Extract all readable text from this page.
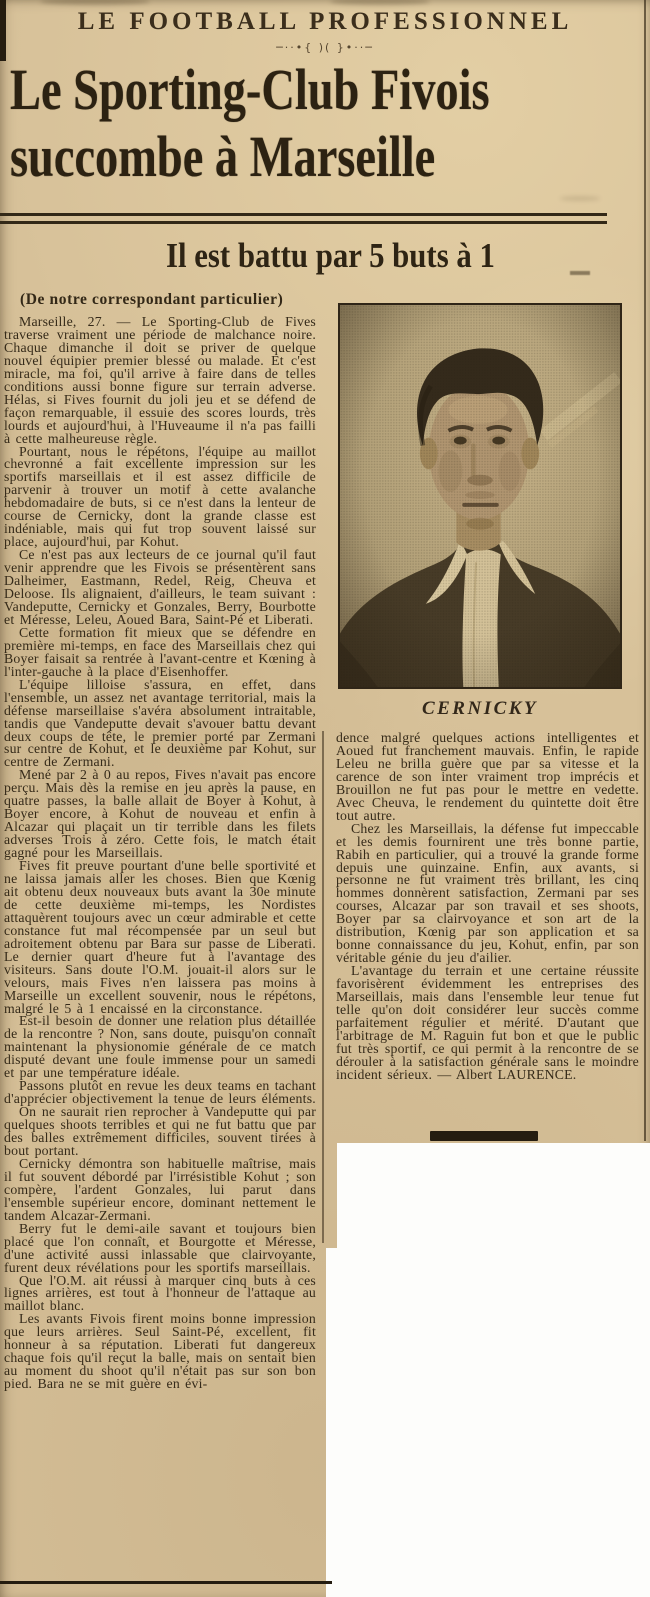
LE FOOTBALL PROFESSIONNEL
─··•{ )( }•··─
Le Sporting-Club Fivois
succombe à Marseille
Il est battu par 5 buts à 1
(De notre correspondant particulier)
CERNICKY

Marseille, 27. — Le Sporting-Club de Fives traverse vraiment une période de malchance noire. Chaque dimanche il doit se priver de quelque nouvel équipier premier blessé ou malade. Et c'est miracle, ma foi, qu'il arrive à faire dans de telles conditions aussi bonne figure sur terrain adverse. Hélas, si Fives fournit du joli jeu et se défend de façon remarquable, il essuie des scores lourds, très lourds et aujourd'hui, à l'Huveaume il n'a pas failli à cette malheureuse règle.

Pourtant, nous le répétons, l'équipe au maillot chevronné a fait excellente impression sur les sportifs marseillais et il est assez difficile de parvenir à trouver un motif à cette avalanche hebdomadaire de buts, si ce n'est dans la lenteur de course de Cernicky, dont la grande classe est indéniable, mais qui fut trop souvent laissé sur place, aujourd'hui, par Kohut.

Ce n'est pas aux lecteurs de ce journal qu'il faut venir apprendre que les Fivois se présentèrent sans Dalheimer, Eastmann, Redel, Reig, Cheuva et Deloose. Ils alignaient, d'ailleurs, le team suivant : Vandeputte, Cernicky et Gonzales, Berry, Bourbotte et Méresse, Leleu, Aoued Bara, Saint-Pé et Liberati.

Cette formation fit mieux que se défendre en première mi-temps, en face des Marseillais chez qui Boyer faisait sa rentrée à l'avant-centre et Kœning à l'inter-gauche à la place d'Eisenhoffer.

L'équipe lilloise s'assura, en effet, dans l'ensemble, un assez net avantage territorial, mais la défense marseillaise s'avéra absolument intraitable, tandis que Vandeputte devait s'avouer battu devant deux coups de tête, le premier porté par Zermani sur centre de Kohut, et le deuxième par Kohut, sur centre de Zermani.

Mené par 2 à 0 au repos, Fives n'avait pas encore perçu. Mais dès la remise en jeu après la pause, en quatre passes, la balle allait de Boyer à Kohut, à Boyer encore, à Kohut de nouveau et enfin à Alcazar qui plaçait un tir terrible dans les filets adverses Trois à zéro. Cette fois, le match était gagné pour les Marseillais.

Fives fit preuve pourtant d'une belle sportivité et ne laissa jamais aller les choses. Bien que Kœnig ait obtenu deux nouveaux buts avant la 30e minute de cette deuxième mi-temps, les Nordistes attaquèrent toujours avec un cœur admirable et cette constance fut mal récompensée par un seul but adroitement obtenu par Bara sur passe de Liberati. Le dernier quart d'heure fut à l'avantage des visiteurs. Sans doute l'O.M. jouait-il alors sur le velours, mais Fives n'en laissera pas moins à Marseille un excellent souvenir, nous le répétons, malgré le 5 à 1 encaissé en la circonstance.

Est-il besoin de donner une relation plus détaillée de la rencontre ? Non, sans doute, puisqu'on connaît maintenant la physionomie générale de ce match disputé devant une foule immense pour un samedi et par une température idéale.

Passons plutôt en revue les deux teams en tachant d'apprécier objectivement la tenue de leurs éléments.

On ne saurait rien reprocher à Vandeputte qui par quelques shoots terribles et qui ne fut battu que par des balles extrêmement difficiles, souvent tirées à bout portant.

Cernicky démontra son habituelle maîtrise, mais il fut souvent débordé par l'irrésistible Kohut ; son compère, l'ardent Gonzales, lui parut dans l'ensemble supérieur encore, dominant nettement le tandem Alcazar-Zermani.

Berry fut le demi-aile savant et toujours bien placé que l'on connaît, et Bourgotte et Méresse, d'une activité aussi inlassable que clairvoyante, furent deux révélations pour les sportifs marseillais.

Que l'O.M. ait réussi à marquer cinq buts à ces lignes arrières, est tout à l'honneur de l'attaque au maillot blanc.

Les avants Fivois firent moins bonne impression que leurs arrières. Seul Saint-Pé, excellent, fit honneur à sa réputation. Liberati fut dangereux chaque fois qu'il reçut la balle, mais on sentait bien au moment du shoot qu'il n'était pas sur son bon pied. Bara ne se mit guère en évi-

dence malgré quelques actions intelligentes et Aoued fut franchement mauvais. Enfin, le rapide Leleu ne brilla guère que par sa vitesse et la carence de son inter vraiment trop imprécis et Brouillon ne fut pas pour le mettre en vedette. Avec Cheuva, le rendement du quintette doit être tout autre.

Chez les Marseillais, la défense fut impeccable et les demis fournirent une très bonne partie, Rabih en particulier, qui a trouvé la grande forme depuis une quinzaine. Enfin, aux avants, si personne ne fut vraiment très brillant, les cinq hommes donnèrent satisfaction, Zermani par ses courses, Alcazar par son travail et ses shoots, Boyer par sa clairvoyance et son art de la distribution, Kœnig par son application et sa bonne connaissance du jeu, Kohut, enfin, par son véritable génie du jeu d'ailier.

L'avantage du terrain et une certaine réussite favorisèrent évidemment les entreprises des Marseillais, mais dans l'ensemble leur tenue fut telle qu'on doit considérer leur succès comme parfaitement régulier et mérité. D'autant que l'arbitrage de M. Raguin fut bon et que le public fut très sportif, ce qui permit à la rencontre de se dérouler à la satisfaction générale sans le moindre incident sérieux. — Albert LAURENCE.
